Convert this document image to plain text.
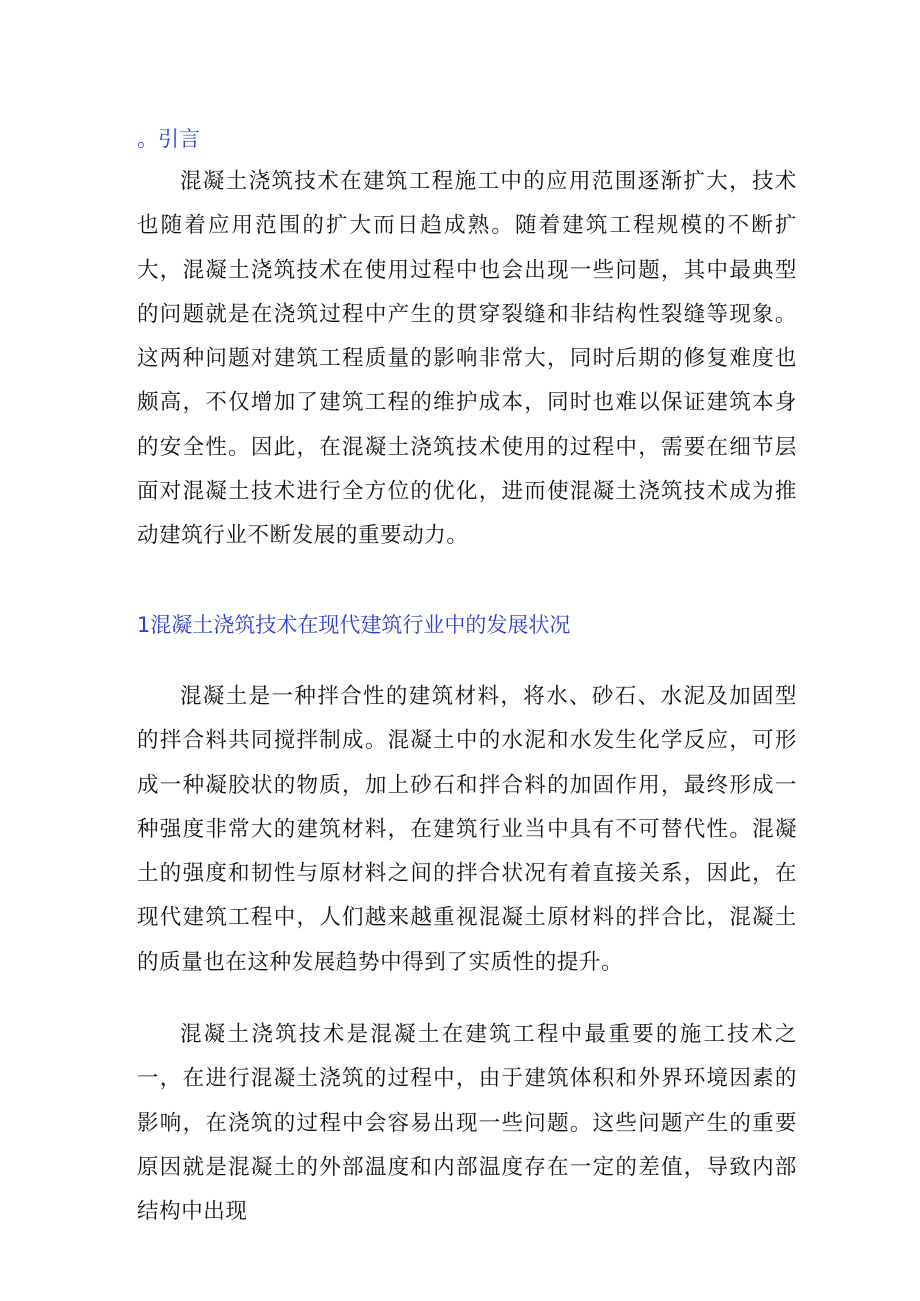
。引言

混凝土浇筑技术在建筑工程施工中的应用范围逐渐扩大，技术也随着应用范围的扩大而日趋成熟。随着建筑工程规模的不断扩大，混凝土浇筑技术在使用过程中也会出现一些问题，其中最典型的问题就是在浇筑过程中产生的贯穿裂缝和非结构性裂缝等现象。这两种问题对建筑工程质量的影响非常大，同时后期的修复难度也颇高，不仅增加了建筑工程的维护成本，同时也难以保证建筑本身的安全性。因此，在混凝土浇筑技术使用的过程中，需要在细节层面对混凝土技术进行全方位的优化，进而使混凝土浇筑技术成为推动建筑行业不断发展的重要动力。

1混凝土浇筑技术在现代建筑行业中的发展状况

混凝土是一种拌合性的建筑材料，将水、砂石、水泥及加固型的拌合料共同搅拌制成。混凝土中的水泥和水发生化学反应，可形成一种凝胶状的物质，加上砂石和拌合料的加固作用，最终形成一种强度非常大的建筑材料，在建筑行业当中具有不可替代性。混凝土的强度和韧性与原材料之间的拌合状况有着直接关系，因此，在现代建筑工程中，人们越来越重视混凝土原材料的拌合比，混凝土的质量也在这种发展趋势中得到了实质性的提升。

混凝土浇筑技术是混凝土在建筑工程中最重要的施工技术之一，在进行混凝土浇筑的过程中，由于建筑体积和外界环境因素的影响，在浇筑的过程中会容易出现一些问题。这些问题产生的重要原因就是混凝土的外部温度和内部温度存在一定的差值，导致内部结构中出现
